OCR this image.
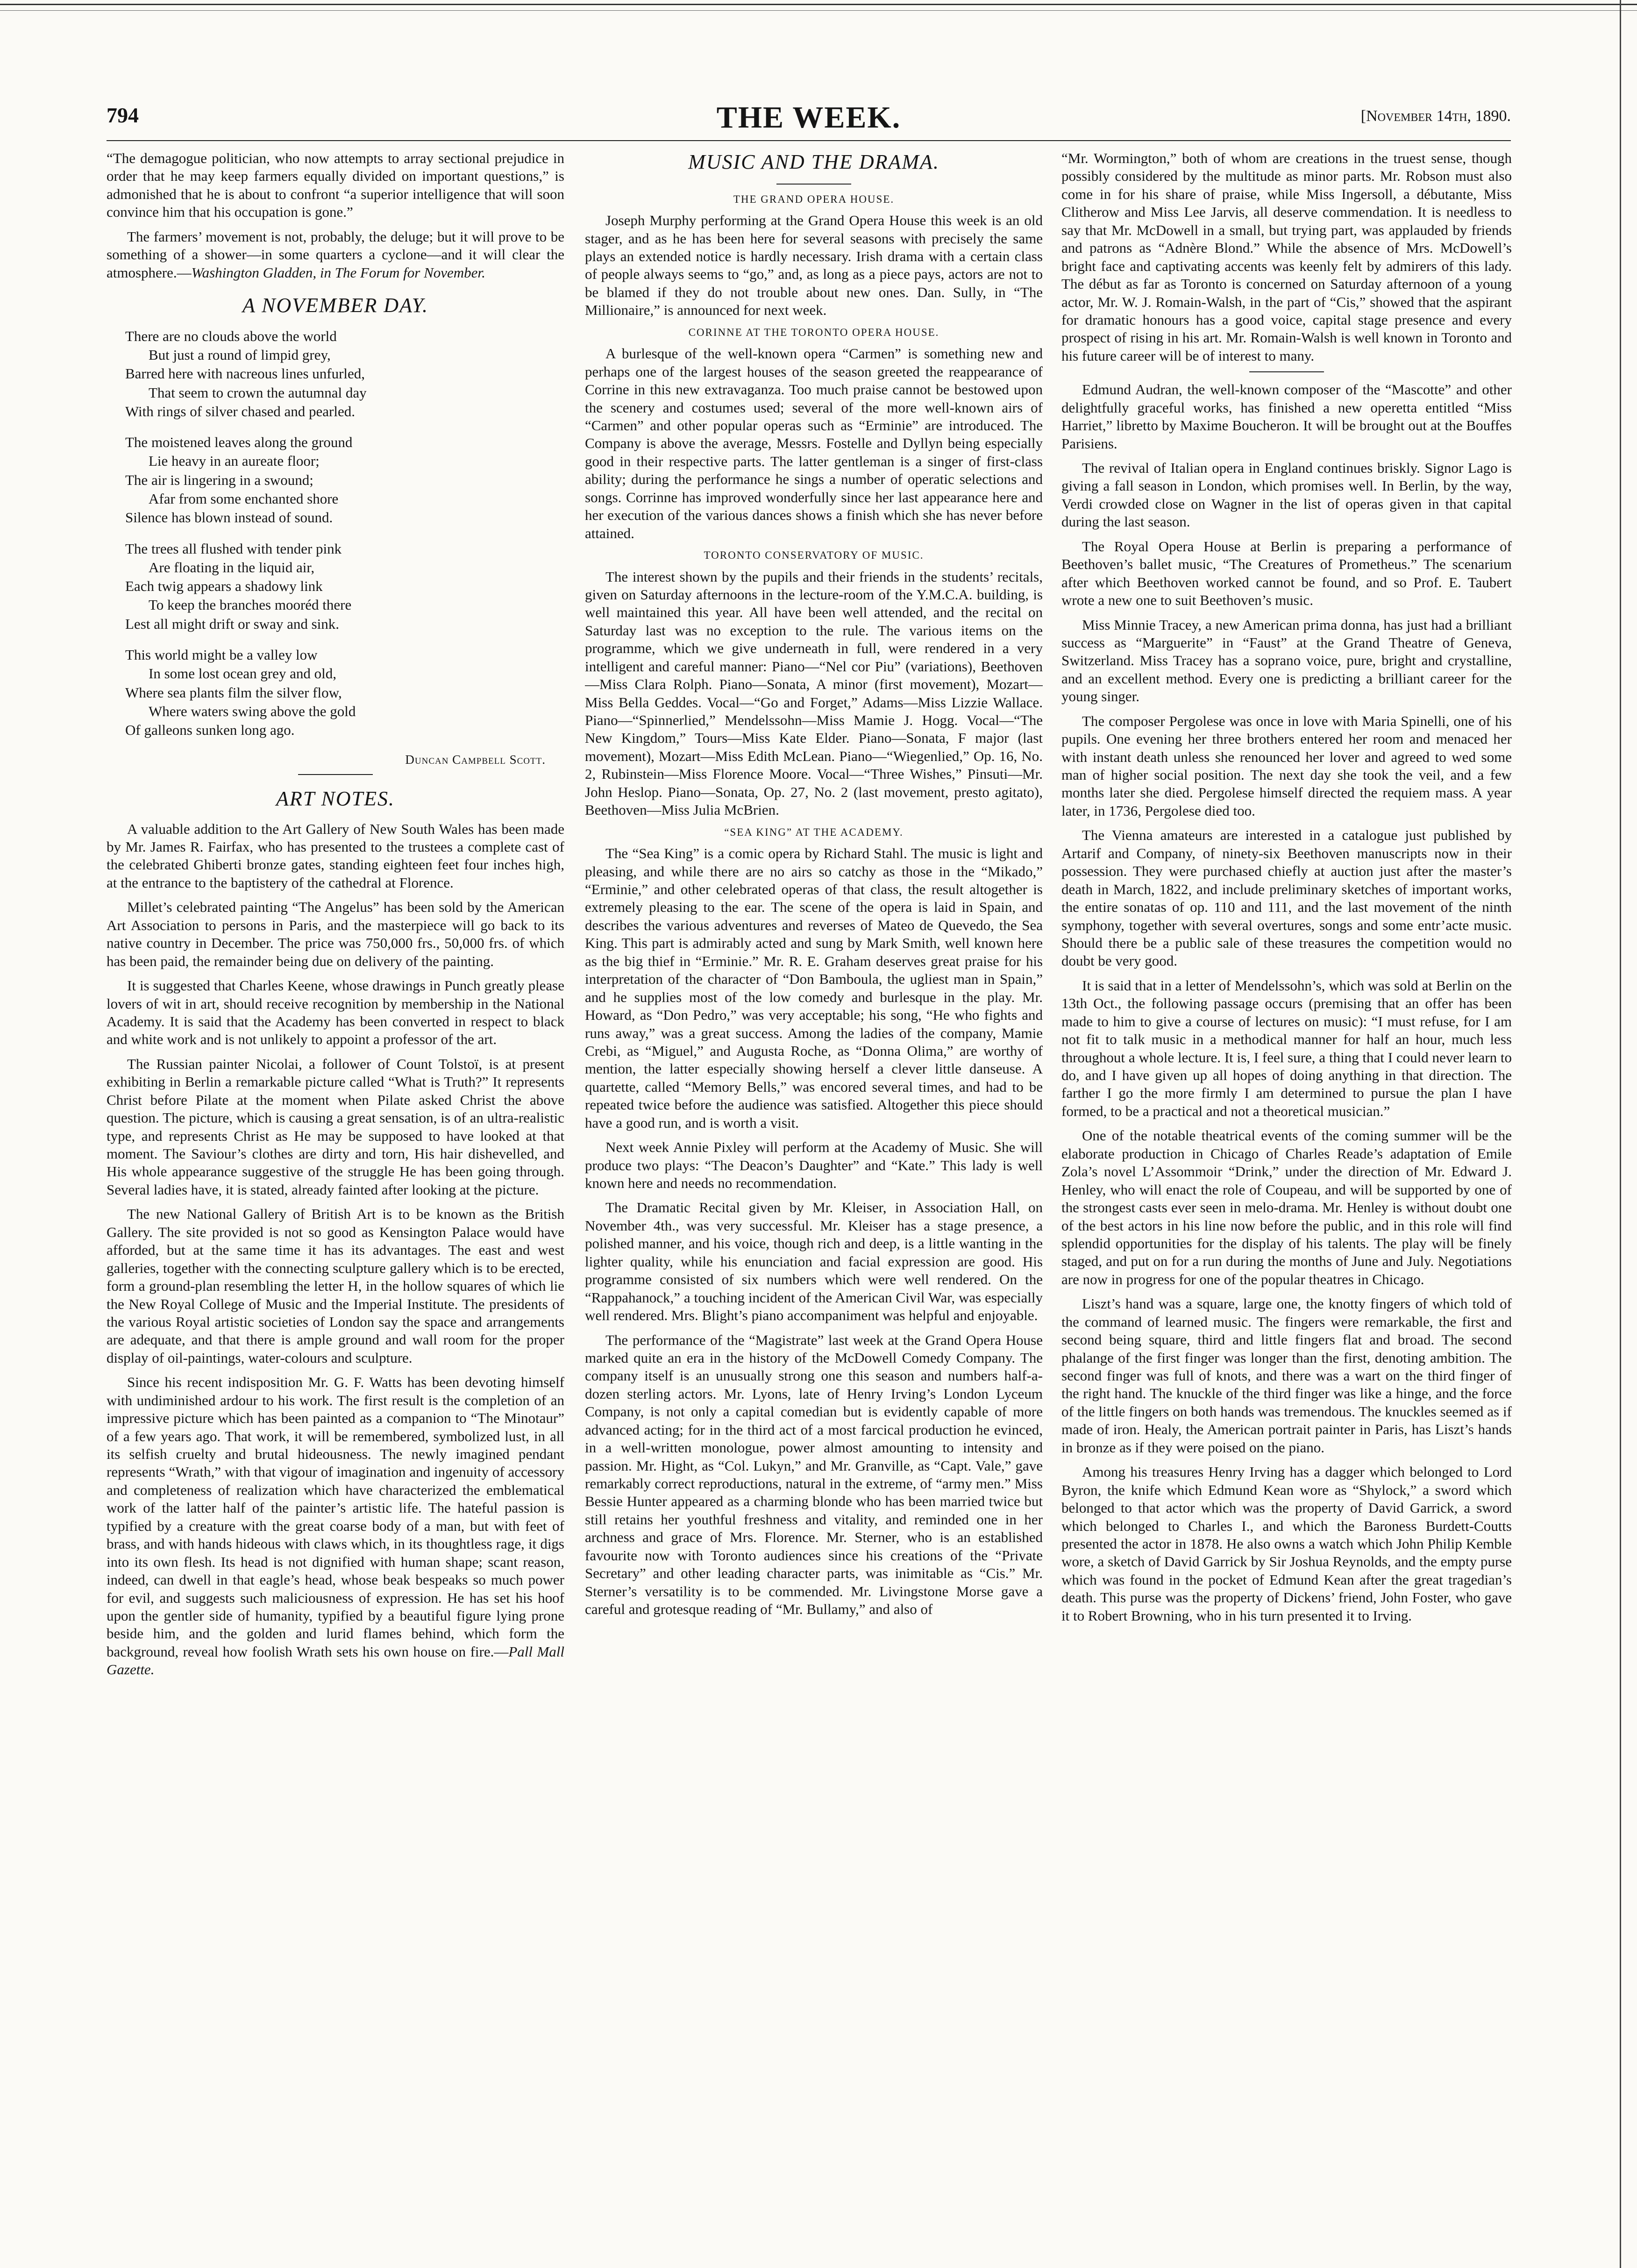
794	THE WEEK.	[November 14th, 1890.

“The demagogue politician, who now attempts to array sectional prejudice in order that he may keep farmers equally divided on important questions,” is admonished that he is about to confront “a superior intelligence that will soon convince him that his occupation is gone.”

The farmers’ movement is not, probably, the deluge; but it will prove to be something of a shower—in some quarters a cyclone—and it will clear the atmosphere.—Washington Gladden, in The Forum for November.

A NOVEMBER DAY.
There are no clouds above the world
But just a round of limpid grey,
Barred here with nacreous lines unfurled,
That seem to crown the autumnal day
With rings of silver chased and pearled.
The moistened leaves along the ground
Lie heavy in an aureate floor;
The air is lingering in a swound;
Afar from some enchanted shore
Silence has blown instead of sound.
The trees all flushed with tender pink
Are floating in the liquid air,
Each twig appears a shadowy link
To keep the branches mooréd there
Lest all might drift or sway and sink.
This world might be a valley low
In some lost ocean grey and old,
Where sea plants film the silver flow,
Where waters swing above the gold
Of galleons sunken long ago.
Duncan Campbell Scott.
ART NOTES.

A valuable addition to the Art Gallery of New South Wales has been made by Mr. James R. Fairfax, who has presented to the trustees a complete cast of the celebrated Ghiberti bronze gates, standing eighteen feet four inches high, at the entrance to the baptistery of the cathedral at Florence.

Millet’s celebrated painting “The Angelus” has been sold by the American Art Association to persons in Paris, and the masterpiece will go back to its native country in December. The price was 750,000 frs., 50,000 frs. of which has been paid, the remainder being due on delivery of the painting.

It is suggested that Charles Keene, whose drawings in Punch greatly please lovers of wit in art, should receive recognition by membership in the National Academy. It is said that the Academy has been converted in respect to black and white work and is not unlikely to appoint a professor of the art.

The Russian painter Nicolai, a follower of Count Tolstoï, is at present exhibiting in Berlin a remarkable picture called “What is Truth?” It represents Christ before Pilate at the moment when Pilate asked Christ the above question. The picture, which is causing a great sensation, is of an ultra-realistic type, and represents Christ as He may be supposed to have looked at that moment. The Saviour’s clothes are dirty and torn, His hair dishevelled, and His whole appearance suggestive of the struggle He has been going through. Several ladies have, it is stated, already fainted after looking at the picture.

The new National Gallery of British Art is to be known as the British Gallery. The site provided is not so good as Kensington Palace would have afforded, but at the same time it has its advantages. The east and west galleries, together with the connecting sculpture gallery which is to be erected, form a ground-plan resembling the letter H, in the hollow squares of which lie the New Royal College of Music and the Imperial Institute. The presidents of the various Royal artistic societies of London say the space and arrangements are adequate, and that there is ample ground and wall room for the proper display of oil-paintings, water-colours and sculpture.

Since his recent indisposition Mr. G. F. Watts has been devoting himself with undiminished ardour to his work. The first result is the completion of an impressive picture which has been painted as a companion to “The Minotaur” of a few years ago. That work, it will be remembered, symbolized lust, in all its selfish cruelty and brutal hideousness. The newly imagined pendant represents “Wrath,” with that vigour of imagination and ingenuity of accessory and completeness of realization which have characterized the emblematical work of the latter half of the painter’s artistic life. The hateful passion is typified by a creature with the great coarse body of a man, but with feet of brass, and with hands hideous with claws which, in its thoughtless rage, it digs into its own flesh. Its head is not dignified with human shape; scant reason, indeed, can dwell in that eagle’s head, whose beak bespeaks so much power for evil, and suggests such maliciousness of expression. He has set his hoof upon the gentler side of humanity, typified by a beautiful figure lying prone beside him, and the golden and lurid flames behind, which form the background, reveal how foolish Wrath sets his own house on fire.—Pall Mall Gazette.

MUSIC AND THE DRAMA.
THE GRAND OPERA HOUSE.

Joseph Murphy performing at the Grand Opera House this week is an old stager, and as he has been here for several seasons with precisely the same plays an extended notice is hardly necessary. Irish drama with a certain class of people always seems to “go,” and, as long as a piece pays, actors are not to be blamed if they do not trouble about new ones. Dan. Sully, in “The Millionaire,” is announced for next week.

CORINNE AT THE TORONTO OPERA HOUSE.

A burlesque of the well-known opera “Carmen” is something new and perhaps one of the largest houses of the season greeted the reappearance of Corrine in this new extravaganza. Too much praise cannot be bestowed upon the scenery and costumes used; several of the more well-known airs of “Carmen” and other popular operas such as “Erminie” are introduced. The Company is above the average, Messrs. Fostelle and Dyllyn being especially good in their respective parts. The latter gentleman is a singer of first-class ability; during the performance he sings a number of operatic selections and songs. Corrinne has improved wonderfully since her last appearance here and her execution of the various dances shows a finish which she has never before attained.

TORONTO CONSERVATORY OF MUSIC.

The interest shown by the pupils and their friends in the students’ recitals, given on Saturday afternoons in the lecture-room of the Y.M.C.A. building, is well maintained this year. All have been well attended, and the recital on Saturday last was no exception to the rule. The various items on the programme, which we give underneath in full, were rendered in a very intelligent and careful manner: Piano—“Nel cor Piu” (variations), Beethoven—Miss Clara Rolph. Piano—Sonata, A minor (first movement), Mozart—Miss Bella Geddes. Vocal—“Go and Forget,” Adams—Miss Lizzie Wallace. Piano—“Spinnerlied,” Mendelssohn—Miss Mamie J. Hogg. Vocal—“The New Kingdom,” Tours—Miss Kate Elder. Piano—Sonata, F major (last movement), Mozart—Miss Edith McLean. Piano—“Wiegenlied,” Op. 16, No. 2, Rubinstein—Miss Florence Moore. Vocal—“Three Wishes,” Pinsuti—Mr. John Heslop. Piano—Sonata, Op. 27, No. 2 (last movement, presto agitato), Beethoven—Miss Julia McBrien.

“SEA KING” AT THE ACADEMY.

The “Sea King” is a comic opera by Richard Stahl. The music is light and pleasing, and while there are no airs so catchy as those in the “Mikado,” “Erminie,” and other celebrated operas of that class, the result altogether is extremely pleasing to the ear. The scene of the opera is laid in Spain, and describes the various adventures and reverses of Mateo de Quevedo, the Sea King. This part is admirably acted and sung by Mark Smith, well known here as the big thief in “Erminie.” Mr. R. E. Graham deserves great praise for his interpretation of the character of “Don Bamboula, the ugliest man in Spain,” and he supplies most of the low comedy and burlesque in the play. Mr. Howard, as “Don Pedro,” was very acceptable; his song, “He who fights and runs away,” was a great success. Among the ladies of the company, Mamie Crebi, as “Miguel,” and Augusta Roche, as “Donna Olima,” are worthy of mention, the latter especially showing herself a clever little danseuse. A quartette, called “Memory Bells,” was encored several times, and had to be repeated twice before the audience was satisfied. Altogether this piece should have a good run, and is worth a visit.

Next week Annie Pixley will perform at the Academy of Music. She will produce two plays: “The Deacon’s Daughter” and “Kate.” This lady is well known here and needs no recommendation.

The Dramatic Recital given by Mr. Kleiser, in Association Hall, on November 4th., was very successful. Mr. Kleiser has a stage presence, a polished manner, and his voice, though rich and deep, is a little wanting in the lighter quality, while his enunciation and facial expression are good. His programme consisted of six numbers which were well rendered. On the “Rappahanock,” a touching incident of the American Civil War, was especially well rendered. Mrs. Blight’s piano accompaniment was helpful and enjoyable.

The performance of the “Magistrate” last week at the Grand Opera House marked quite an era in the history of the McDowell Comedy Company. The company itself is an unusually strong one this season and numbers half-a-dozen sterling actors. Mr. Lyons, late of Henry Irving’s London Lyceum Company, is not only a capital comedian but is evidently capable of more advanced acting; for in the third act of a most farcical production he evinced, in a well-written monologue, power almost amounting to intensity and passion. Mr. Hight, as “Col. Lukyn,” and Mr. Granville, as “Capt. Vale,” gave remarkably correct reproductions, natural in the extreme, of “army men.” Miss Bessie Hunter appeared as a charming blonde who has been married twice but still retains her youthful freshness and vitality, and reminded one in her archness and grace of Mrs. Florence. Mr. Sterner, who is an established favourite now with Toronto audiences since his creations of the “Private Secretary” and other leading character parts, was inimitable as “Cis.” Mr. Sterner’s versatility is to be commended. Mr. Livingstone Morse gave a careful and grotesque reading of “Mr. Bullamy,” and also of

“Mr. Wormington,” both of whom are creations in the truest sense, though possibly considered by the multitude as minor parts. Mr. Robson must also come in for his share of praise, while Miss Ingersoll, a débutante, Miss Clitherow and Miss Lee Jarvis, all deserve commendation. It is needless to say that Mr. McDowell in a small, but trying part, was applauded by friends and patrons as “Adnère Blond.” While the absence of Mrs. McDowell’s bright face and captivating accents was keenly felt by admirers of this lady. The début as far as Toronto is concerned on Saturday afternoon of a young actor, Mr. W. J. Romain-Walsh, in the part of “Cis,” showed that the aspirant for dramatic honours has a good voice, capital stage presence and every prospect of rising in his art. Mr. Romain-Walsh is well known in Toronto and his future career will be of interest to many.

Edmund Audran, the well-known composer of the “Mascotte” and other delightfully graceful works, has finished a new operetta entitled “Miss Harriet,” libretto by Maxime Boucheron. It will be brought out at the Bouffes Parisiens.

The revival of Italian opera in England continues briskly. Signor Lago is giving a fall season in London, which promises well. In Berlin, by the way, Verdi crowded close on Wagner in the list of operas given in that capital during the last season.

The Royal Opera House at Berlin is preparing a performance of Beethoven’s ballet music, “The Creatures of Prometheus.” The scenarium after which Beethoven worked cannot be found, and so Prof. E. Taubert wrote a new one to suit Beethoven’s music.

Miss Minnie Tracey, a new American prima donna, has just had a brilliant success as “Marguerite” in “Faust” at the Grand Theatre of Geneva, Switzerland. Miss Tracey has a soprano voice, pure, bright and crystalline, and an excellent method. Every one is predicting a brilliant career for the young singer.

The composer Pergolese was once in love with Maria Spinelli, one of his pupils. One evening her three brothers entered her room and menaced her with instant death unless she renounced her lover and agreed to wed some man of higher social position. The next day she took the veil, and a few months later she died. Pergolese himself directed the requiem mass. A year later, in 1736, Pergolese died too.

The Vienna amateurs are interested in a catalogue just published by Artarif and Company, of ninety-six Beethoven manuscripts now in their possession. They were purchased chiefly at auction just after the master’s death in March, 1822, and include preliminary sketches of important works, the entire sonatas of op. 110 and 111, and the last movement of the ninth symphony, together with several overtures, songs and some entr’acte music. Should there be a public sale of these treasures the competition would no doubt be very good.

It is said that in a letter of Mendelssohn’s, which was sold at Berlin on the 13th Oct., the following passage occurs (premising that an offer has been made to him to give a course of lectures on music): “I must refuse, for I am not fit to talk music in a methodical manner for half an hour, much less throughout a whole lecture. It is, I feel sure, a thing that I could never learn to do, and I have given up all hopes of doing anything in that direction. The farther I go the more firmly I am determined to pursue the plan I have formed, to be a practical and not a theoretical musician.”

One of the notable theatrical events of the coming summer will be the elaborate production in Chicago of Charles Reade’s adaptation of Emile Zola’s novel L’Assommoir “Drink,” under the direction of Mr. Edward J. Henley, who will enact the role of Coupeau, and will be supported by one of the strongest casts ever seen in melo-drama. Mr. Henley is without doubt one of the best actors in his line now before the public, and in this role will find splendid opportunities for the display of his talents. The play will be finely staged, and put on for a run during the months of June and July. Negotiations are now in progress for one of the popular theatres in Chicago.

Liszt’s hand was a square, large one, the knotty fingers of which told of the command of learned music. The fingers were remarkable, the first and second being square, third and little fingers flat and broad. The second phalange of the first finger was longer than the first, denoting ambition. The second finger was full of knots, and there was a wart on the third finger of the right hand. The knuckle of the third finger was like a hinge, and the force of the little fingers on both hands was tremendous. The knuckles seemed as if made of iron. Healy, the American portrait painter in Paris, has Liszt’s hands in bronze as if they were poised on the piano.

Among his treasures Henry Irving has a dagger which belonged to Lord Byron, the knife which Edmund Kean wore as “Shylock,” a sword which belonged to that actor which was the property of David Garrick, a sword which belonged to Charles I., and which the Baroness Burdett-Coutts presented the actor in 1878. He also owns a watch which John Philip Kemble wore, a sketch of David Garrick by Sir Joshua Reynolds, and the empty purse which was found in the pocket of Edmund Kean after the great tragedian’s death. This purse was the property of Dickens’ friend, John Foster, who gave it to Robert Browning, who in his turn presented it to Irving.
